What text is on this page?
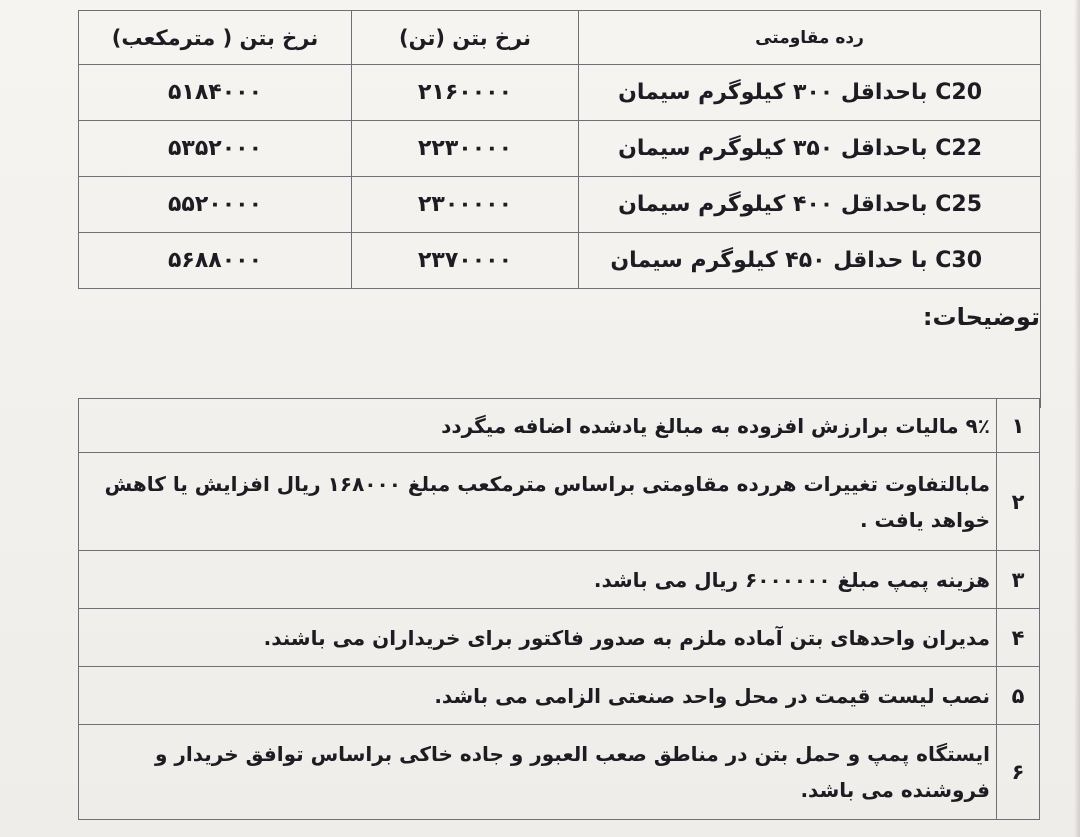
رده مقاومتی	نرخ بتن (تن)	نرخ بتن ( مترمکعب)
C20 باحداقل ۳۰۰ کیلوگرم سیمان	۲۱۶۰۰۰۰	۵۱۸۴۰۰۰
C22 باحداقل ۳۵۰ کیلوگرم سیمان	۲۲۳۰۰۰۰	۵۳۵۲۰۰۰
C25 باحداقل ۴۰۰ کیلوگرم سیمان	۲۳۰۰۰۰۰	۵۵۲۰۰۰۰
C30 با حداقل ۴۵۰ کیلوگرم سیمان	۲۳۷۰۰۰۰	۵۶۸۸۰۰۰
توضیحات:		
۱	۹٪ مالیات برارزش افزوده به مبالغ یادشده اضافه میگردد
۲	مابالتفاوت تغییرات هررده مقاومتی براساس مترمکعب مبلغ ۱۶۸۰۰۰ ریال افزایش یا کاهش خواهد یافت .
۳	هزینه پمپ مبلغ ۶۰۰۰۰۰۰ ریال می باشد.
۴	مدیران واحدهای بتن آماده ملزم به صدور فاکتور برای خریداران می باشند.
۵	نصب لیست قیمت در محل واحد صنعتی الزامی می باشد.
۶	ایستگاه پمپ و حمل بتن در مناطق صعب العبور و جاده خاکی براساس توافق خریدار و فروشنده می باشد.
